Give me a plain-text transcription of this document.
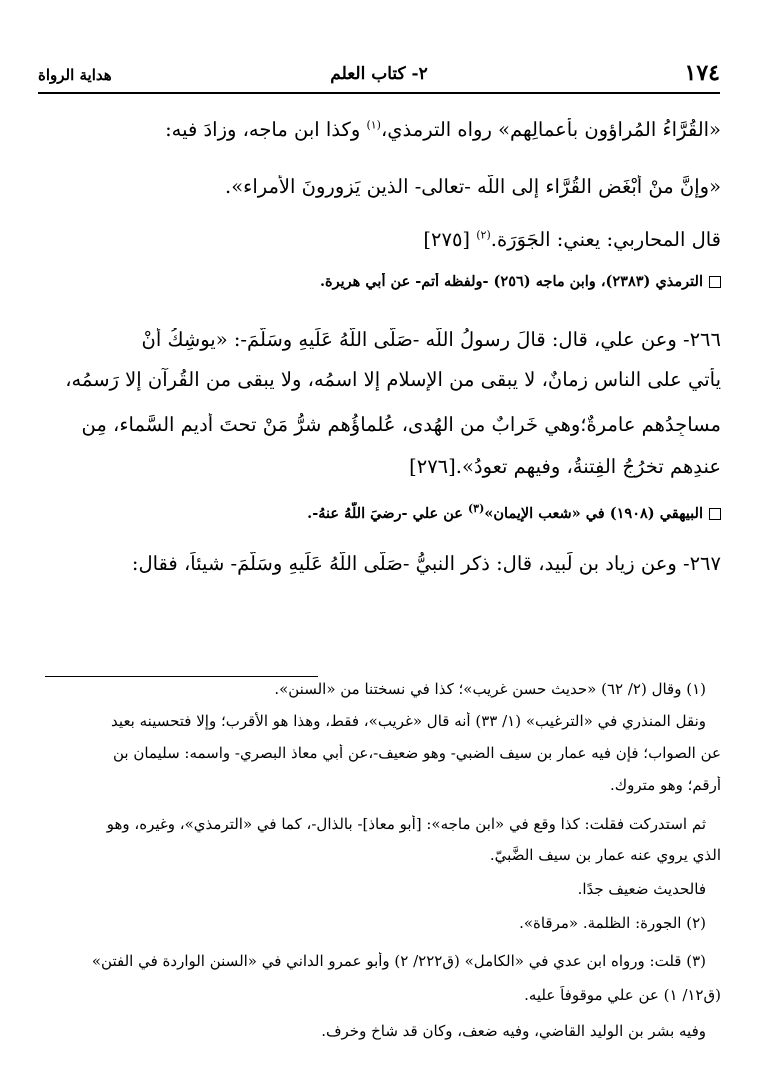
١٧٤
٢- كتاب العلم
هداية الرواة
«القُرَّاءُ المُراؤون بأعمالِهم» رواه الترمذي،$^{(١)}$ وكذا ابن ماجه، وزادَ فيه:
«وإنَّ منْ أبْغَض القُرَّاء إلى اللّه -تعالى- الذين يَزورونَ الأمراء».
قال المحاربي: يعني: الجَوَرَة.$^{(٢)}$ [٢٧٥]
الترمذي (٢٣٨٣)، وابن ماجه (٢٥٦) -ولفظه أتم- عن أبي هريرة.
٢٦٦- وعن علي، قال: قالَ رسولُ اللّه -صَلَّى اللّهُ عَلَيهِ وسَلَّمَ-: «يوشِكُ أنْ
يأتي على الناس زمانٌ، لا يبقى من الإسلام إلا اسمُه، ولا يبقى من القُرآنِ إلا رَسمُه،
مساجِدُهم عامرةٌ؛وهي خَرابٌ من الهُدى، عُلماؤُهم شرُّ مَنْ تحتَ أديمِ السَّماء، مِن
عندِهم تخرُجُ الفِتنةُ، وفيهم تعودُ».[٢٧٦]
البيهقي (١٩٠٨) في «شعب الإيمان»$^{(٣)}$ عن علي -رضيَ اللّهُ عنهُ-.
٢٦٧- وعن زياد بن لَبيد، قال: ذكر النبيُّ -صَلَّى اللّهُ عَلَيهِ وسَلَّمَ- شيئاً، فقال:
(١) وقال (٢/ ٦٢) «حديث حسن غريب»؛ كذا في نسختنا من «السنن».
ونقل المنذري في «الترغيب» (١/ ٣٣) أنه قال «غريب»، فقط، وهذا هو الأقرب؛ وإلا فتحسينه بعيد
عن الصواب؛ فإن فيه عمار بن سيف الضبي- وهو ضعيف-،عن أبي معاذ البصري- واسمه: سليمان بن
أرقم؛ وهو متروك.
ثم استدركت فقلت: كذا وقع في «ابن ماجه»: [أبو معاذ]- بالذال-، كما في «الترمذي»، وغيره، وهو
الذي يروي عنه عمار بن سيف الضَّبيّ.
فالحديث ضعيف جدًا.
(٢) الجورة: الظلمة. «مرقاة».
(٣) قلت: ورواه ابن عدي في «الكامل» (ق٢٢٢/ ٢) وأبو عمرو الداني في «السنن الواردة في الفتن»
(ق١٢/ ١) عن علي موقوفاً عليه.
وفيه بشر بن الوليد القاضي، وفيه ضعف، وكان قد شاخ وخرف.
